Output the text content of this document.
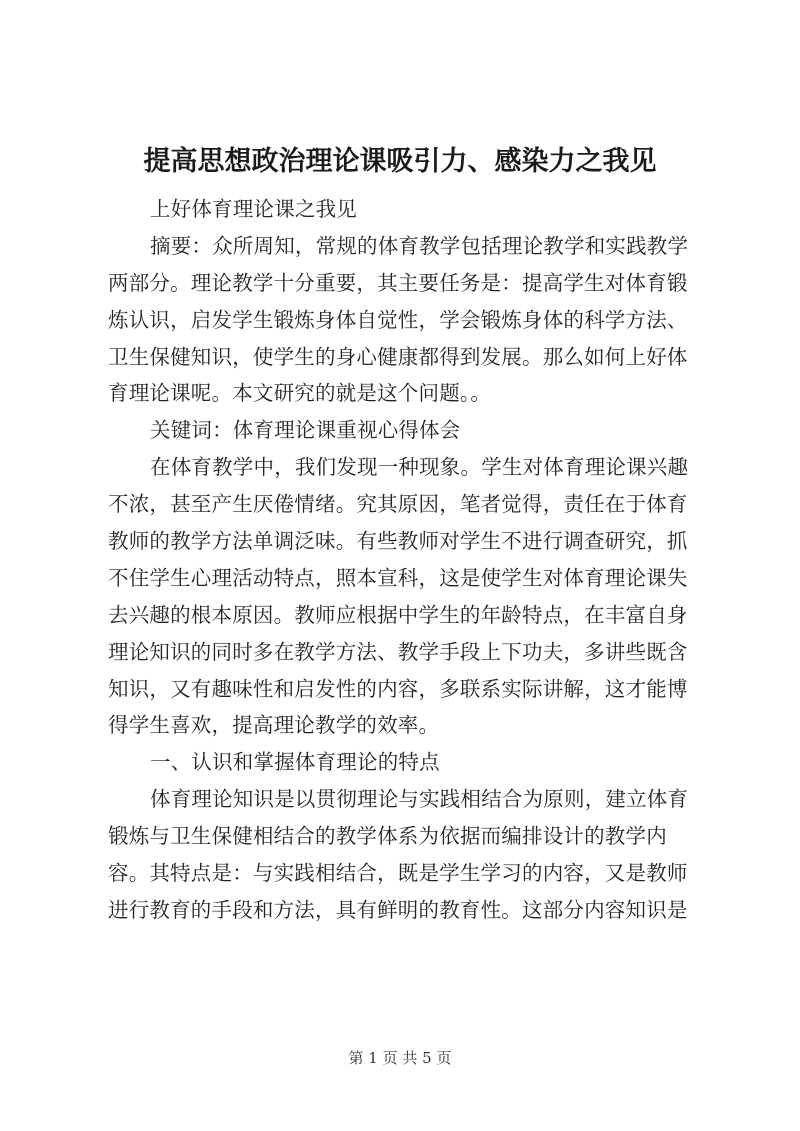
提高思想政治理论课吸引力、感染力之我见
上好体育理论课之我见
摘要：众所周知，常规的体育教学包括理论教学和实践教学
两部分。理论教学十分重要，其主要任务是：提高学生对体育锻
炼认识，启发学生锻炼身体自觉性，学会锻炼身体的科学方法、
卫生保健知识，使学生的身心健康都得到发展。那么如何上好体
育理论课呢。本文研究的就是这个问题。。
关键词：体育理论课重视心得体会
在体育教学中，我们发现一种现象。学生对体育理论课兴趣
不浓，甚至产生厌倦情绪。究其原因，笔者觉得，责任在于体育
教师的教学方法单调泛味。有些教师对学生不进行调查研究，抓
不住学生心理活动特点，照本宣科，这是使学生对体育理论课失
去兴趣的根本原因。教师应根据中学生的年龄特点，在丰富自身
理论知识的同时多在教学方法、教学手段上下功夫，多讲些既含
知识，又有趣味性和启发性的内容，多联系实际讲解，这才能博
得学生喜欢，提高理论教学的效率。
一、认识和掌握体育理论的特点
体育理论知识是以贯彻理论与实践相结合为原则，建立体育
锻炼与卫生保健相结合的教学体系为依据而编排设计的教学内
容。其特点是：与实践相结合，既是学生学习的内容，又是教师
进行教育的手段和方法，具有鲜明的教育性。这部分内容知识是
第 1 页 共 5 页
